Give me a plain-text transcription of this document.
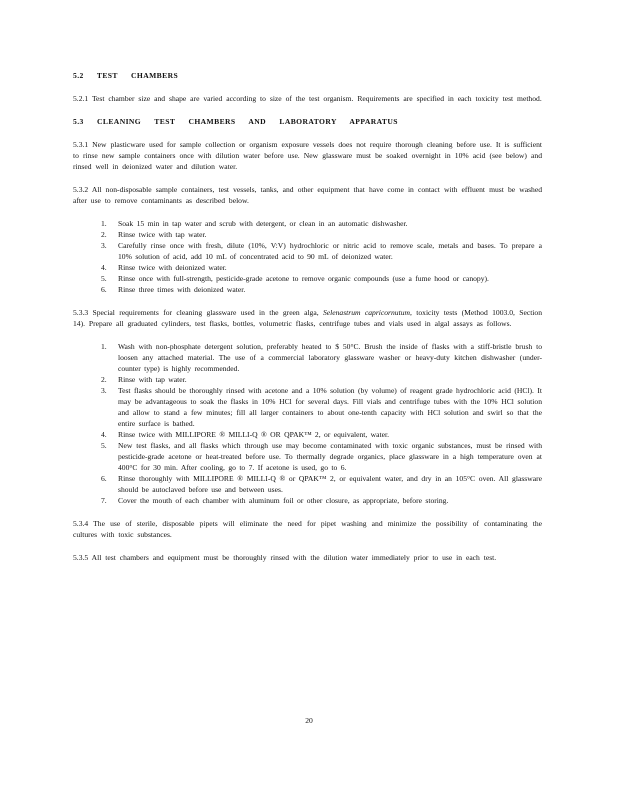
5.2 TEST CHAMBERS

5.2.1 Test chamber size and shape are varied according to size of the test organism. Requirements are specified in each toxicity test method.

5.3 CLEANING TEST CHAMBERS AND LABORATORY APPARATUS

5.3.1 New plasticware used for sample collection or organism exposure vessels does not require thorough cleaning before use. It is sufficient to rinse new sample containers once with dilution water before use. New glassware must be soaked overnight in 10% acid (see below) and rinsed well in deionized water and dilution water.

5.3.2 All non-disposable sample containers, test vessels, tanks, and other equipment that have come in contact with effluent must be washed after use to remove contaminants as described below.

1. Soak 15 min in tap water and scrub with detergent, or clean in an automatic dishwasher.
2. Rinse twice with tap water.
3. Carefully rinse once with fresh, dilute (10%, V:V) hydrochloric or nitric acid to remove scale, metals and bases. To prepare a 10% solution of acid, add 10 mL of concentrated acid to 90 mL of deionized water.
4. Rinse twice with deionized water.
5. Rinse once with full-strength, pesticide-grade acetone to remove organic compounds (use a fume hood or canopy).
6. Rinse three times with deionized water.

5.3.3 Special requirements for cleaning glassware used in the green alga, Selenastrum capricornutum, toxicity tests (Method 1003.0, Section 14). Prepare all graduated cylinders, test flasks, bottles, volumetric flasks, centrifuge tubes and vials used in algal assays as follows.

1. Wash with non-phosphate detergent solution, preferably heated to $ 50°C. Brush the inside of flasks with a stiff-bristle brush to loosen any attached material. The use of a commercial laboratory glassware washer or heavy-duty kitchen dishwasher (under-counter type) is highly recommended.
2. Rinse with tap water.
3. Test flasks should be thoroughly rinsed with acetone and a 10% solution (by volume) of reagent grade hydrochloric acid (HCl). It may be advantageous to soak the flasks in 10% HCl for several days. Fill vials and centrifuge tubes with the 10% HCl solution and allow to stand a few minutes; fill all larger containers to about one-tenth capacity with HCl solution and swirl so that the entire surface is bathed.
4. Rinse twice with MILLIPORE ® MILLI-Q ® OR QPAK™ 2, or equivalent, water.
5. New test flasks, and all flasks which through use may become contaminated with toxic organic substances, must be rinsed with pesticide-grade acetone or heat-treated before use. To thermally degrade organics, place glassware in a high temperature oven at 400°C for 30 min. After cooling, go to 7. If acetone is used, go to 6.
6. Rinse thoroughly with MILLIPORE ® MILLI-Q ® or QPAK™ 2, or equivalent water, and dry in an 105°C oven. All glassware should be autoclaved before use and between uses.
7. Cover the mouth of each chamber with aluminum foil or other closure, as appropriate, before storing.

5.3.4 The use of sterile, disposable pipets will eliminate the need for pipet washing and minimize the possibility of contaminating the cultures with toxic substances.

5.3.5 All test chambers and equipment must be thoroughly rinsed with the dilution water immediately prior to use in each test.

20
